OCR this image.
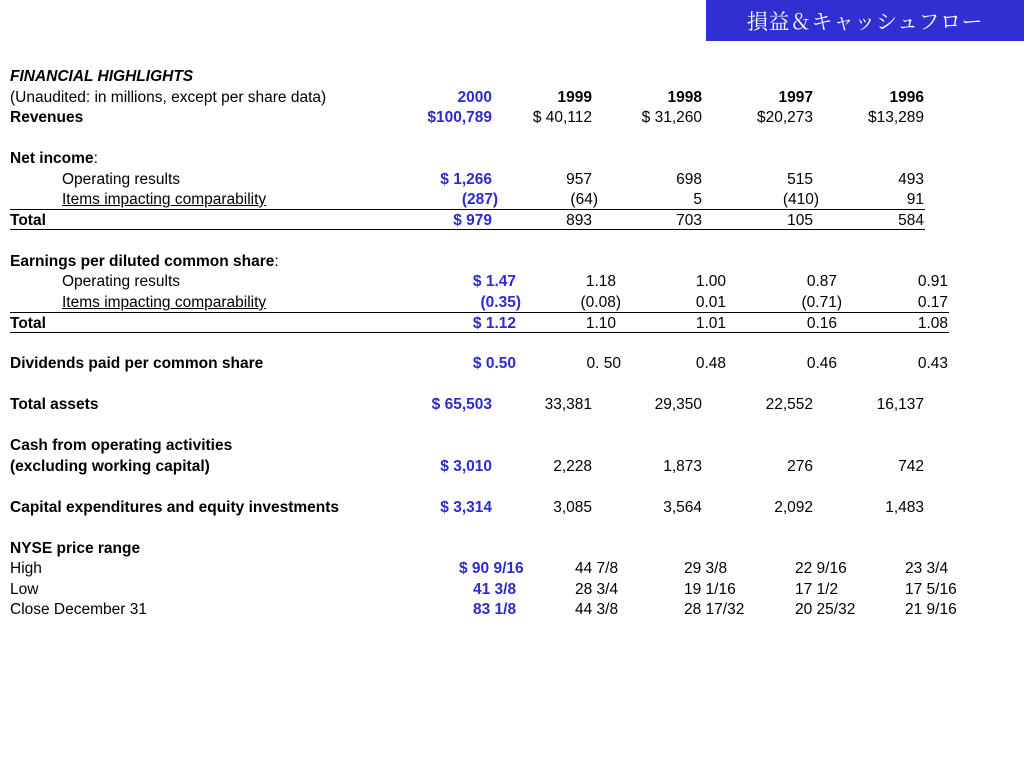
損益＆キャッシュフロー
FINANCIAL HIGHLIGHTS
(Unaudited: in millions, except per share data)	2000	1999	1998	1997	1996
Revenues	$100,789	$ 40,112	$ 31,260	$20,273	$13,289
Net income:
Operating results	$ 1,266	957	698	515	493
Items impacting comparability	(287)	(64)	5	(410)	91
Total	$ 979	893	703	105	584
Earnings per diluted common share:
Operating results	$ 1.47	1.18	1.00	0.87	0.91
Items impacting comparability	(0.35)	(0.08)	0.01	(0.71)	0.17
Total	$ 1.12	1.10	1.01	0.16	1.08
Dividends paid per common share	$ 0.50	0. 50	0.48	0.46	0.43
Total assets	$ 65,503	33,381	29,350	22,552	16,137
Cash from operating activities
(excluding working capital)	$ 3,010	2,228	1,873	276	742
Capital expenditures and equity investments	$ 3,314	3,085	3,564	2,092	1,483
NYSE price range
High	$ 90 9/16	44 7/8	29 3/8	22 9/16	23 3/4
Low	41 3/8	28 3/4	19 1/16	17 1/2	17 5/16
Close December 31	83 1/8	44 3/8	28 17/32	20 25/32	21 9/16
